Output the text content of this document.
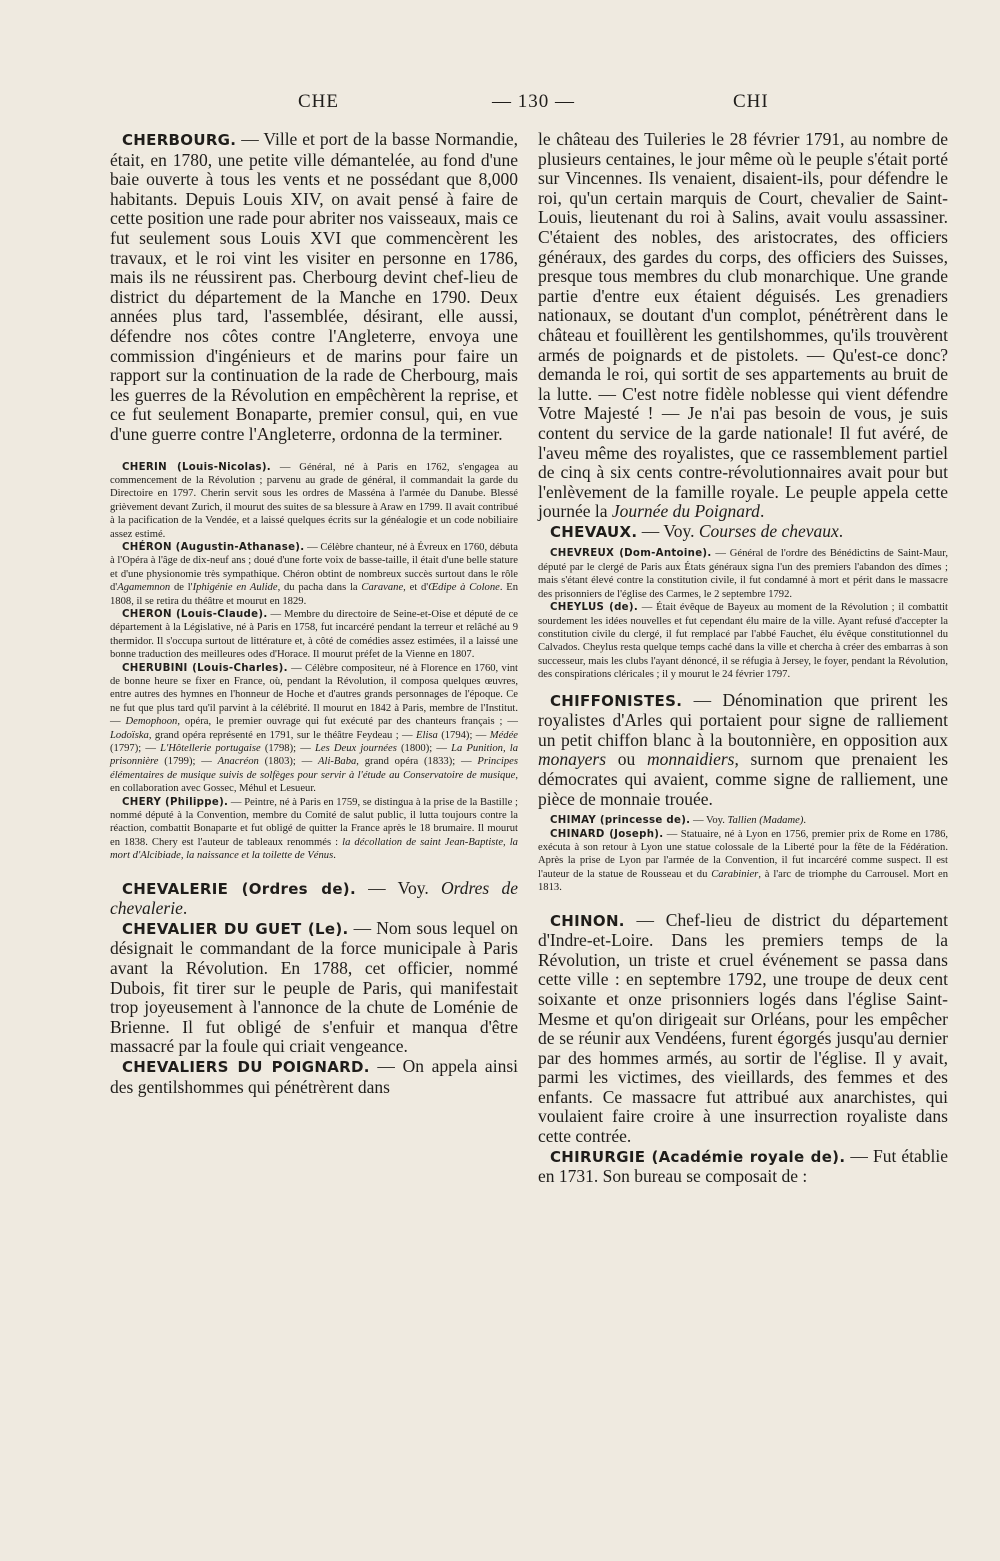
CHE	— 130 —	CHI

CHERBOURG. — Ville et port de la basse Normandie, était, en 1780, une petite ville démantelée, au fond d'une baie ouverte à tous les vents et ne possédant que 8,000 habitants. Depuis Louis XIV, on avait pensé à faire de cette position une rade pour abriter nos vaisseaux, mais ce fut seulement sous Louis XVI que commencèrent les travaux, et le roi vint les visiter en personne en 1786, mais ils ne réussirent pas. Cherbourg devint chef-lieu de district du département de la Manche en 1790. Deux années plus tard, l'assemblée, désirant, elle aussi, défendre nos côtes contre l'Angleterre, envoya une commission d'ingénieurs et de marins pour faire un rapport sur la continuation de la rade de Cherbourg, mais les guerres de la Révolution en empêchèrent la reprise, et ce fut seulement Bonaparte, premier consul, qui, en vue d'une guerre contre l'Angleterre, ordonna de la terminer.

CHERIN (Louis-Nicolas). — Général, né à Paris en 1762, s'engagea au commencement de la Révolution ; parvenu au grade de général, il commandait la garde du Directoire en 1797. Cherin servit sous les ordres de Masséna à l'armée du Danube. Blessé grièvement devant Zurich, il mourut des suites de sa blessure à Araw en 1799. Il avait contribué à la pacification de la Vendée, et a laissé quelques écrits sur la généalogie et un code nobiliaire assez estimé.

CHÉRON (Augustin-Athanase). — Célèbre chanteur, né à Évreux en 1760, débuta à l'Opéra à l'âge de dix-neuf ans ; doué d'une forte voix de basse-taille, il était d'une belle stature et d'une physionomie très sympathique. Chéron obtint de nombreux succès surtout dans le rôle d'Agamemnon de l'Iphigénie en Aulide, du pacha dans la Caravane, et d'Œdipe à Colone. En 1808, il se retira du théâtre et mourut en 1829.

CHERON (Louis-Claude). — Membre du directoire de Seine-et-Oise et député de ce département à la Législative, né à Paris en 1758, fut incarcéré pendant la terreur et relâché au 9 thermidor. Il s'occupa surtout de littérature et, à côté de comédies assez estimées, il a laissé une bonne traduction des meilleures odes d'Horace. Il mourut préfet de la Vienne en 1807.

CHERUBINI (Louis-Charles). — Célèbre compositeur, né à Florence en 1760, vint de bonne heure se fixer en France, où, pendant la Révolution, il composa quelques œuvres, entre autres des hymnes en l'honneur de Hoche et d'autres grands personnages de l'époque. Ce ne fut que plus tard qu'il parvint à la célébrité. Il mourut en 1842 à Paris, membre de l'Institut. — Demophoon, opéra, le premier ouvrage qui fut exécuté par des chanteurs français ; — Lodoïska, grand opéra représenté en 1791, sur le théâtre Feydeau ; — Elisa (1794); — Médée (1797); — L'Hôtellerie portugaise (1798); — Les Deux journées (1800); — La Punition, la prisonnière (1799); — Anacréon (1803); — Ali-Baba, grand opéra (1833); — Principes élémentaires de musique suivis de solfèges pour servir à l'étude au Conservatoire de musique, en collaboration avec Gossec, Méhul et Lesueur.

CHERY (Philippe). — Peintre, né à Paris en 1759, se distingua à la prise de la Bastille ; nommé député à la Convention, membre du Comité de salut public, il lutta toujours contre la réaction, combattit Bonaparte et fut obligé de quitter la France après le 18 brumaire. Il mourut en 1838. Chery est l'auteur de tableaux renommés : la décollation de saint Jean-Baptiste, la mort d'Alcibiade, la naissance et la toilette de Vénus.

CHEVALERIE (Ordres de). — Voy. Ordres de chevalerie.

CHEVALIER DU GUET (Le). — Nom sous lequel on désignait le commandant de la force municipale à Paris avant la Révolution. En 1788, cet officier, nommé Dubois, fit tirer sur le peuple de Paris, qui manifestait trop joyeusement à l'annonce de la chute de Loménie de Brienne. Il fut obligé de s'enfuir et manqua d'être massacré par la foule qui criait vengeance.

CHEVALIERS DU POIGNARD. — On appela ainsi des gentilshommes qui pénétrèrent dans

le château des Tuileries le 28 février 1791, au nombre de plusieurs centaines, le jour même où le peuple s'était porté sur Vincennes. Ils venaient, disaient-ils, pour défendre le roi, qu'un certain marquis de Court, chevalier de Saint-Louis, lieutenant du roi à Salins, avait voulu assassiner. C'étaient des nobles, des aristocrates, des officiers généraux, des gardes du corps, des officiers des Suisses, presque tous membres du club monarchique. Une grande partie d'entre eux étaient déguisés. Les grenadiers nationaux, se doutant d'un complot, pénétrèrent dans le château et fouillèrent les gentilshommes, qu'ils trouvèrent armés de poignards et de pistolets. — Qu'est-ce donc? demanda le roi, qui sortit de ses appartements au bruit de la lutte. — C'est notre fidèle noblesse qui vient défendre Votre Majesté ! — Je n'ai pas besoin de vous, je suis content du service de la garde nationale! Il fut avéré, de l'aveu même des royalistes, que ce rassemblement partiel de cinq à six cents contre-révolutionnaires avait pour but l'enlèvement de la famille royale. Le peuple appela cette journée la Journée du Poignard.

CHEVAUX. — Voy. Courses de chevaux.

CHEVREUX (Dom-Antoine). — Général de l'ordre des Bénédictins de Saint-Maur, député par le clergé de Paris aux États généraux signa l'un des premiers l'abandon des dîmes ; mais s'étant élevé contre la constitution civile, il fut condamné à mort et périt dans le massacre des prisonniers de l'église des Carmes, le 2 septembre 1792.

CHEYLUS (de). — Était évêque de Bayeux au moment de la Révolution ; il combattit sourdement les idées nouvelles et fut cependant élu maire de la ville. Ayant refusé d'accepter la constitution civile du clergé, il fut remplacé par l'abbé Fauchet, élu évêque constitutionnel du Calvados. Cheylus resta quelque temps caché dans la ville et chercha à créer des embarras à son successeur, mais les clubs l'ayant dénoncé, il se réfugia à Jersey, le foyer, pendant la Révolution, des conspirations cléricales ; il y mourut le 24 février 1797.

CHIFFONISTES. — Dénomination que prirent les royalistes d'Arles qui portaient pour signe de ralliement un petit chiffon blanc à la boutonnière, en opposition aux monayers ou monnaidiers, surnom que prenaient les démocrates qui avaient, comme signe de ralliement, une pièce de monnaie trouée.

CHIMAY (princesse de). — Voy. Tallien (Madame).

CHINARD (Joseph). — Statuaire, né à Lyon en 1756, premier prix de Rome en 1786, exécuta à son retour à Lyon une statue colossale de la Liberté pour la fête de la Fédération. Après la prise de Lyon par l'armée de la Convention, il fut incarcéré comme suspect. Il est l'auteur de la statue de Rousseau et du Carabinier, à l'arc de triomphe du Carrousel. Mort en 1813.

CHINON. — Chef-lieu de district du département d'Indre-et-Loire. Dans les premiers temps de la Révolution, un triste et cruel événement se passa dans cette ville : en septembre 1792, une troupe de deux cent soixante et onze prisonniers logés dans l'église Saint-Mesme et qu'on dirigeait sur Orléans, pour les empêcher de se réunir aux Vendéens, furent égorgés jusqu'au dernier par des hommes armés, au sortir de l'église. Il y avait, parmi les victimes, des vieillards, des femmes et des enfants. Ce massacre fut attribué aux anarchistes, qui voulaient faire croire à une insurrection royaliste dans cette contrée.

CHIRURGIE (Académie royale de). — Fut établie en 1731. Son bureau se composait de :
